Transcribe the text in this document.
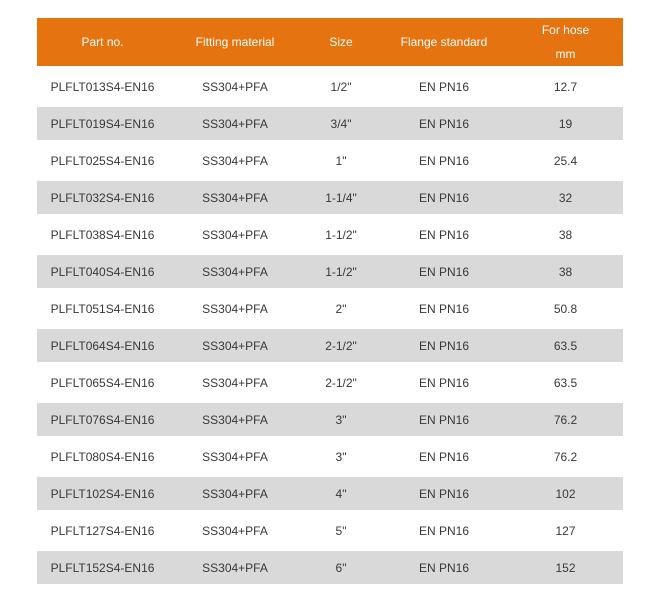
Part no.	Fitting material	Size	Flange standard	For hose
mm

PLFLT013S4-EN16	SS304+PFA	1/2"	EN PN16	12.7
PLFLT019S4-EN16	SS304+PFA	3/4"	EN PN16	19
PLFLT025S4-EN16	SS304+PFA	1"	EN PN16	25.4
PLFLT032S4-EN16	SS304+PFA	1-1/4"	EN PN16	32
PLFLT038S4-EN16	SS304+PFA	1-1/2"	EN PN16	38
PLFLT040S4-EN16	SS304+PFA	1-1/2"	EN PN16	38
PLFLT051S4-EN16	SS304+PFA	2"	EN PN16	50.8
PLFLT064S4-EN16	SS304+PFA	2-1/2"	EN PN16	63.5
PLFLT065S4-EN16	SS304+PFA	2-1/2"	EN PN16	63.5
PLFLT076S4-EN16	SS304+PFA	3"	EN PN16	76.2
PLFLT080S4-EN16	SS304+PFA	3"	EN PN16	76.2
PLFLT102S4-EN16	SS304+PFA	4"	EN PN16	102
PLFLT127S4-EN16	SS304+PFA	5"	EN PN16	127
PLFLT152S4-EN16	SS304+PFA	6"	EN PN16	152
